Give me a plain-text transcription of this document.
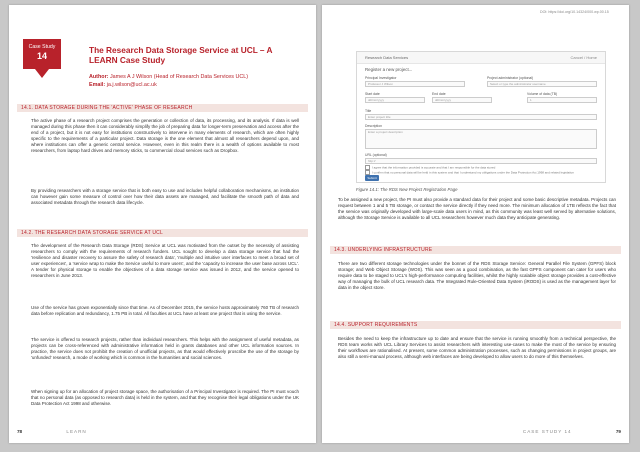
Case Study
14
The Research Data Storage Service at UCL – A LEARN Case Study
Author: James A J Wilson (Head of Research Data Services UCL)
Email: ja.j.wilson@ucl.ac.uk
14.1. DATA STORAGE DURING THE 'ACTIVE' PHASE OF RESEARCH
The active phase of a research project comprises the generation or collection of data, its processing, and its analysis. If data is well managed during this phase then it can considerably simplify the job of preparing data for longer-term preservation and access after the end of a project, but it is not easy for institutions constructively to intervene in many elements of research, which are often highly specific to the requirements of a particular project. Data storage is the one element that almost all researchers depend upon, and where institutions can offer a generic central service. However, even in this realm there is a wealth of options available to most researchers, from laptop hard drives and memory sticks, to commercial cloud services such as Dropbox.
By providing researchers with a storage service that is both easy to use and includes helpful collaboration mechanisms, an institution can however gain some measure of control over how their data assets are managed, and facilitate the smooth path of data and associated metadata through the research data lifecycle.
14.2. THE RESEARCH DATA STORAGE SERVICE AT UCL
The development of the Research Data Storage (RDS) Service at UCL was motivated from the outset by the necessity of assisting researchers to comply with the requirements of research funders. UCL sought to develop a data storage service that had the 'resilience and disaster recovery to assure the safety of research data', 'multiple and intuitive user interfaces to meet a broad set of user experiences', a 'service wrap to make the Service useful to more users', and the 'capacity to increase the user base across UCL'. A tender for physical storage to enable the objectives of a data storage service was issued in 2012, and the service opened to researchers in June 2013.
Use of the service has grown exponentially since that time. As of December 2015, the service hosts approximately 760 TB of research data before replication and redundancy, 1.75 PB in total. All faculties at UCL have at least one project that is using the service.
The service is offered to research projects, rather than individual researchers. This helps with the assignment of useful metadata, as projects can be cross-referenced with administrative information held in grants databases and other UCL information sources. In practice, the service does not prohibit the creation of unofficial projects, as that would effectively proscribe the use of the storage by 'unfunded' research, a mode of working which is common in the humanities and social sciences.
When signing up for an allocation of project storage space, the authorisation of a Principal Investigator is required. The PI must vouch that no personal data (as opposed to research data) is held in the system, and that they recognise their legal obligations under the UK Data Protection Act 1998 and otherwise.
78	LEARN
DOI: https://doi.org/10.14324/000.wp.00.15
Research Data Services	Cancel / Home
Register a new project...
Principal Investigator
Professor J Wilson
Project administrator (optional)
Select or type the administrator username
Start date
dd/mm/yyyy
End date
dd/mm/yyyy
Volume of data (TB)
1
Title
Enter project title
Description
Enter a project description
URL (optional)
http://
I agree that the information provided is accurate and that I am responsible for the data stored
I confirm that no personal data will be held in this system and that I understand my obligations under the Data Protection Act 1998 and related legislation
Submit
Figure 14.1: The RDS New Project Registration Page
To be assigned a new project, the PI must also provide a standard data for their project and some basic descriptive metadata. Projects can request between 1 and 5 TB storage, or contact the service directly if they need more. The minimum allocation of 1TB reflects the fact that the service was originally developed with large-scale data users in mind, as this community was least well served by alternative solutions, although the Storage Service is available to all UCL researchers however much data they anticipate generating.
14.3. UNDERLYING INFRASTRUCTURE
There are two different storage technologies under the bonnet of the RDS Storage Service: General Parallel File System (GPFS) block storage; and Web Object Storage (WOS). This was seen as a good combination, as the fast GPFS component can cater for users who require data to be staged to UCL's high-performance computing facilities, whilst the highly scalable object storage provides a cost-effective way of managing the bulk of UCL research data. The Integrated Rule-Oriented Data System (iRODS) is used as the management layer for data in the object store.
14.4. SUPPORT REQUIREMENTS
Besides the need to keep the infrastructure up to date and ensure that the service is running smoothly from a technical perspective, the RDS team works with UCL Library Services to assist researchers with interesting use-cases to make the most of the service by ensuring their workflows are rationalised. At present, some common administration processes, such as changing permissions in project groups, are also still a semi-manual process, although web interfaces are being developed to allow users to do more of this themselves.
CASE STUDY 14	79
